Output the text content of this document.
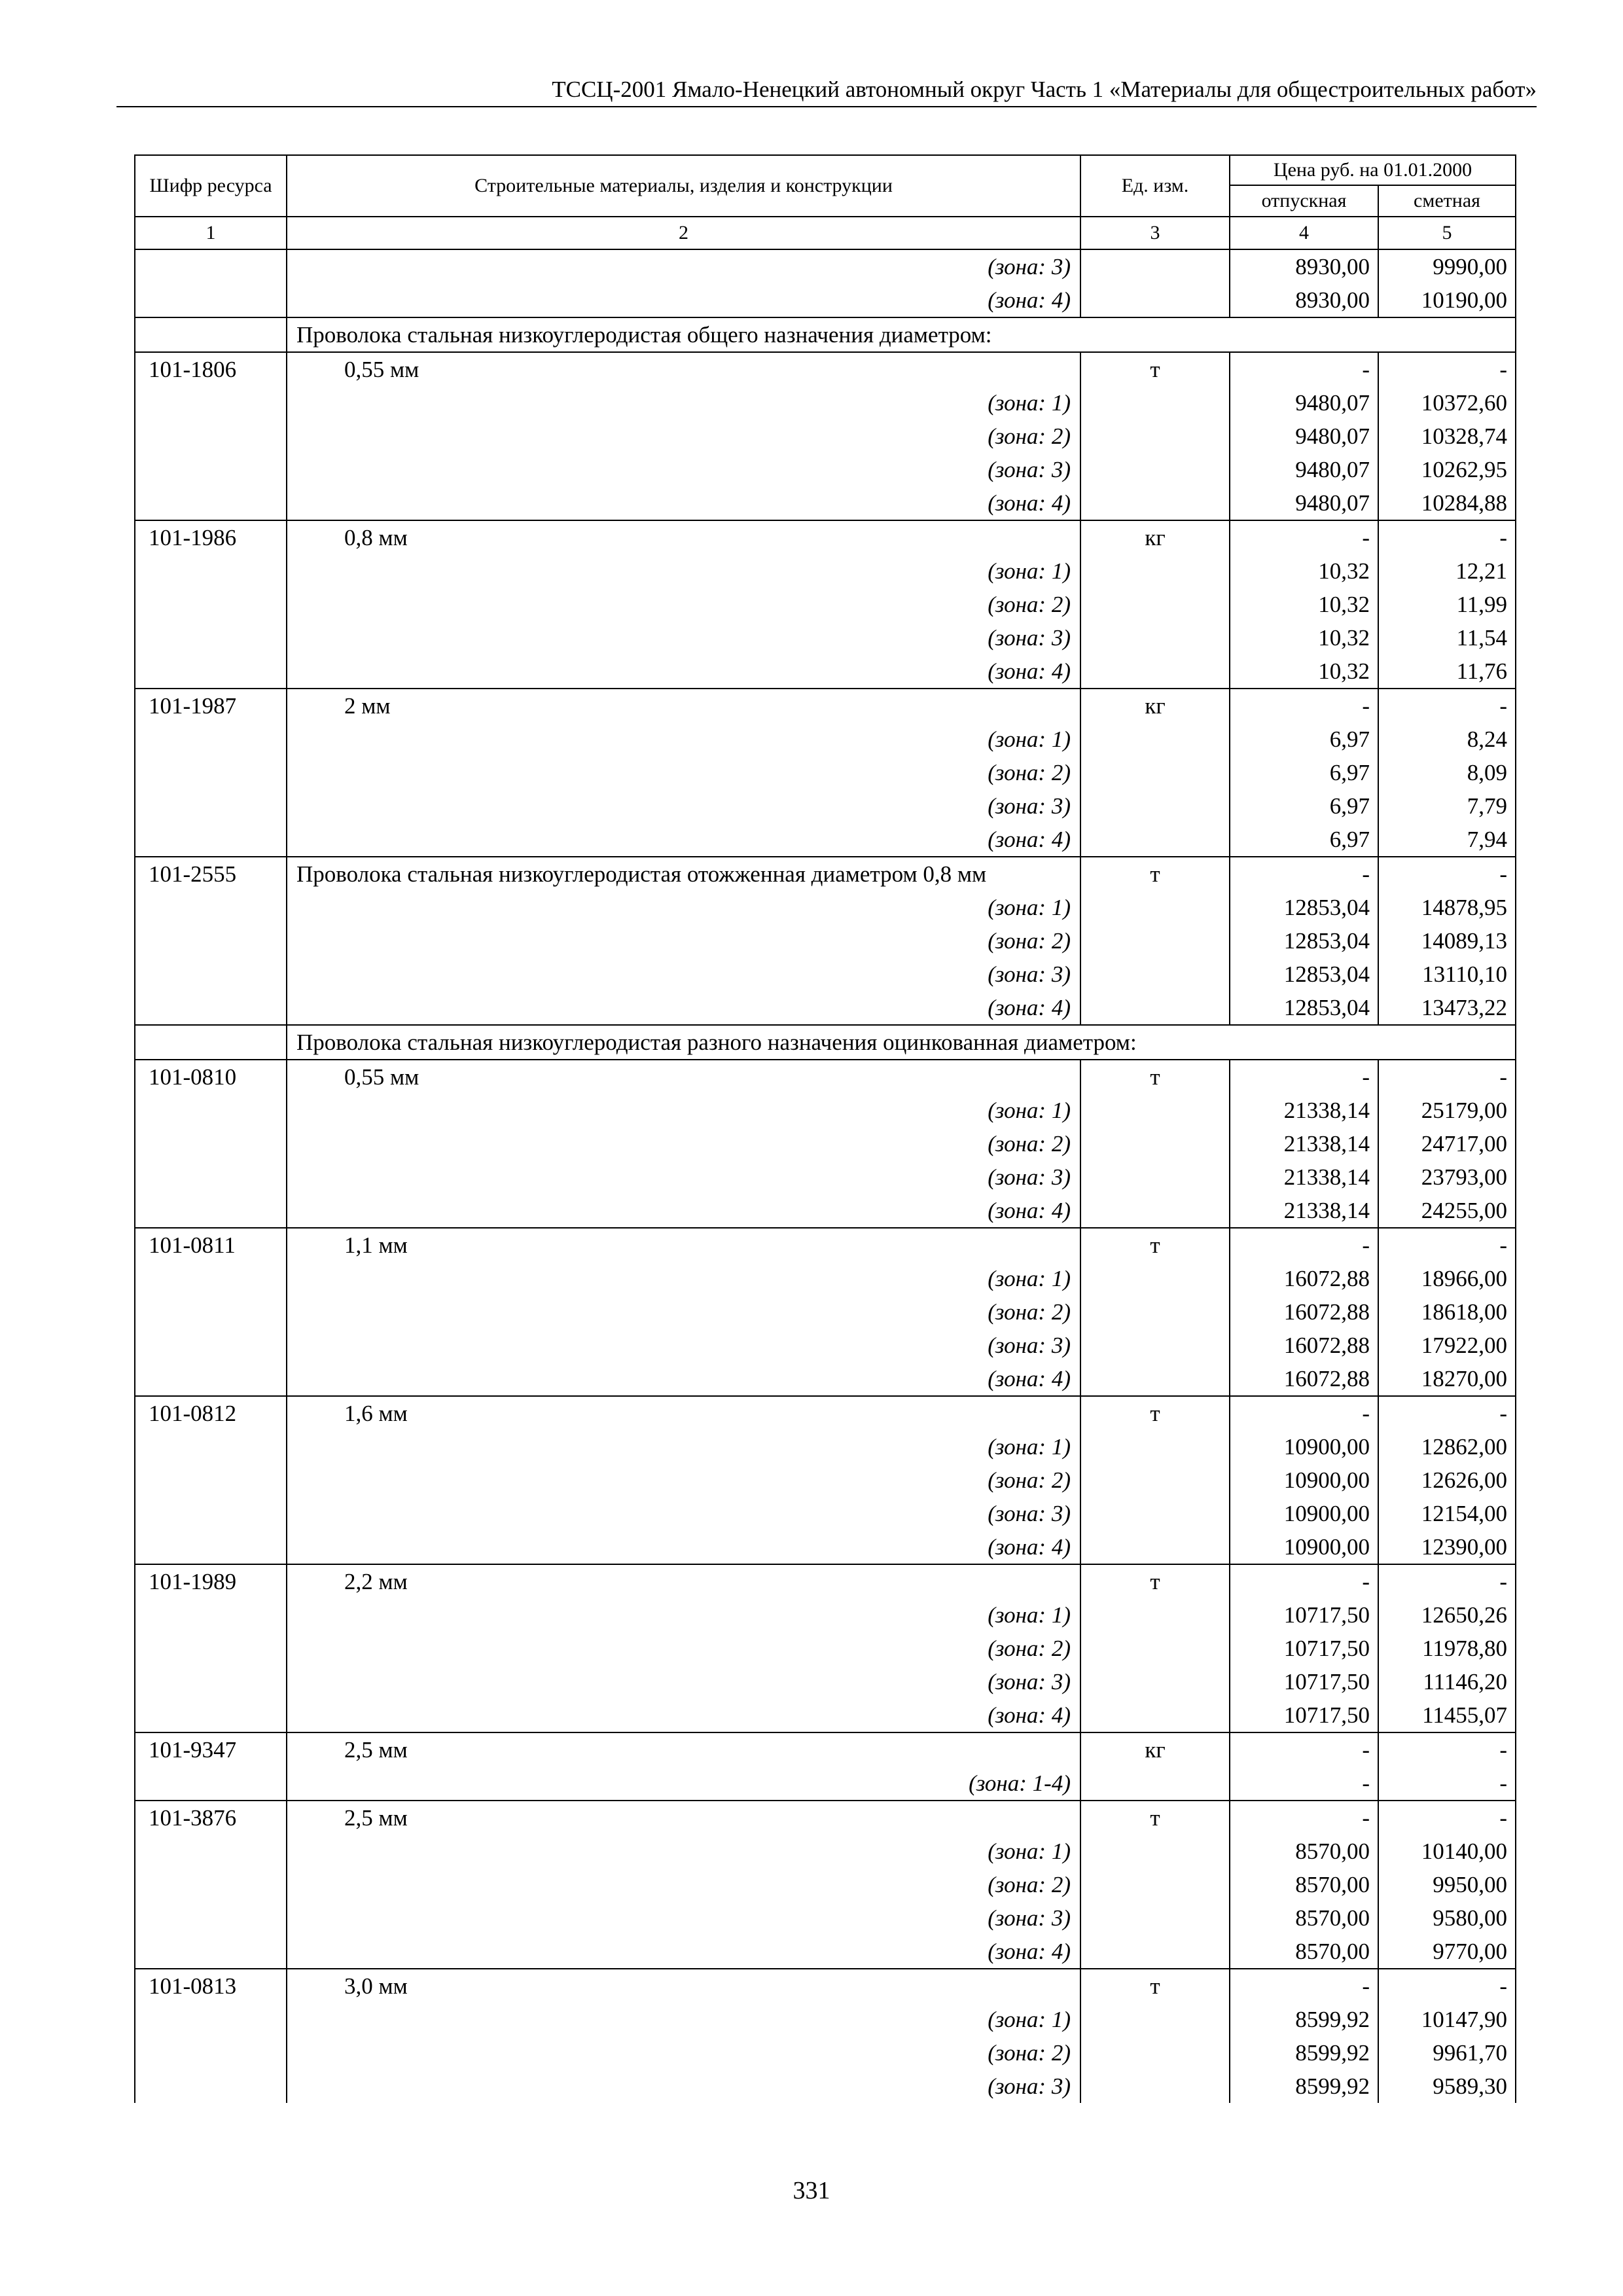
ТССЦ-2001 Ямало-Ненецкий автономный округ Часть 1 «Материалы для общестроительных работ»
Шифр ресурса	Строительные материалы, изделия и конструкции	Ед. изм.	Цена руб. на 01.01.2000	

			отпускная	сметная
1	2	3	4	5
	(зона: 3)		8930,00	9990,00
	(зона: 4)		8930,00	10190,00
	Проволока стальная низкоуглеродистая общего назначения диаметром:			
101-1806	0,55 мм	т	-	-
	(зона: 1)		9480,07	10372,60
	(зона: 2)		9480,07	10328,74
	(зона: 3)		9480,07	10262,95
	(зона: 4)		9480,07	10284,88
101-1986	0,8 мм	кг	-	-
	(зона: 1)		10,32	12,21
	(зона: 2)		10,32	11,99
	(зона: 3)		10,32	11,54
	(зона: 4)		10,32	11,76
101-1987	2 мм	кг	-	-
	(зона: 1)		6,97	8,24
	(зона: 2)		6,97	8,09
	(зона: 3)		6,97	7,79
	(зона: 4)		6,97	7,94
101-2555	Проволока стальная низкоуглеродистая отожженная диаметром 0,8 мм	т	-	-
	(зона: 1)		12853,04	14878,95
	(зона: 2)		12853,04	14089,13
	(зона: 3)		12853,04	13110,10
	(зона: 4)		12853,04	13473,22
	Проволока стальная низкоуглеродистая разного назначения оцинкованная диаметром:			
101-0810	0,55 мм	т	-	-
	(зона: 1)		21338,14	25179,00
	(зона: 2)		21338,14	24717,00
	(зона: 3)		21338,14	23793,00
	(зона: 4)		21338,14	24255,00
101-0811	1,1 мм	т	-	-
	(зона: 1)		16072,88	18966,00
	(зона: 2)		16072,88	18618,00
	(зона: 3)		16072,88	17922,00
	(зона: 4)		16072,88	18270,00
101-0812	1,6 мм	т	-	-
	(зона: 1)		10900,00	12862,00
	(зона: 2)		10900,00	12626,00
	(зона: 3)		10900,00	12154,00
	(зона: 4)		10900,00	12390,00
101-1989	2,2 мм	т	-	-
	(зона: 1)		10717,50	12650,26
	(зона: 2)		10717,50	11978,80
	(зона: 3)		10717,50	11146,20
	(зона: 4)		10717,50	11455,07
101-9347	2,5 мм	кг	-	-
	(зона: 1-4)		-	-
101-3876	2,5 мм	т	-	-
	(зона: 1)		8570,00	10140,00
	(зона: 2)		8570,00	9950,00
	(зона: 3)		8570,00	9580,00
	(зона: 4)		8570,00	9770,00
101-0813	3,0 мм	т	-	-
	(зона: 1)		8599,92	10147,90
	(зона: 2)		8599,92	9961,70
	(зона: 3)		8599,92	9589,30
331
